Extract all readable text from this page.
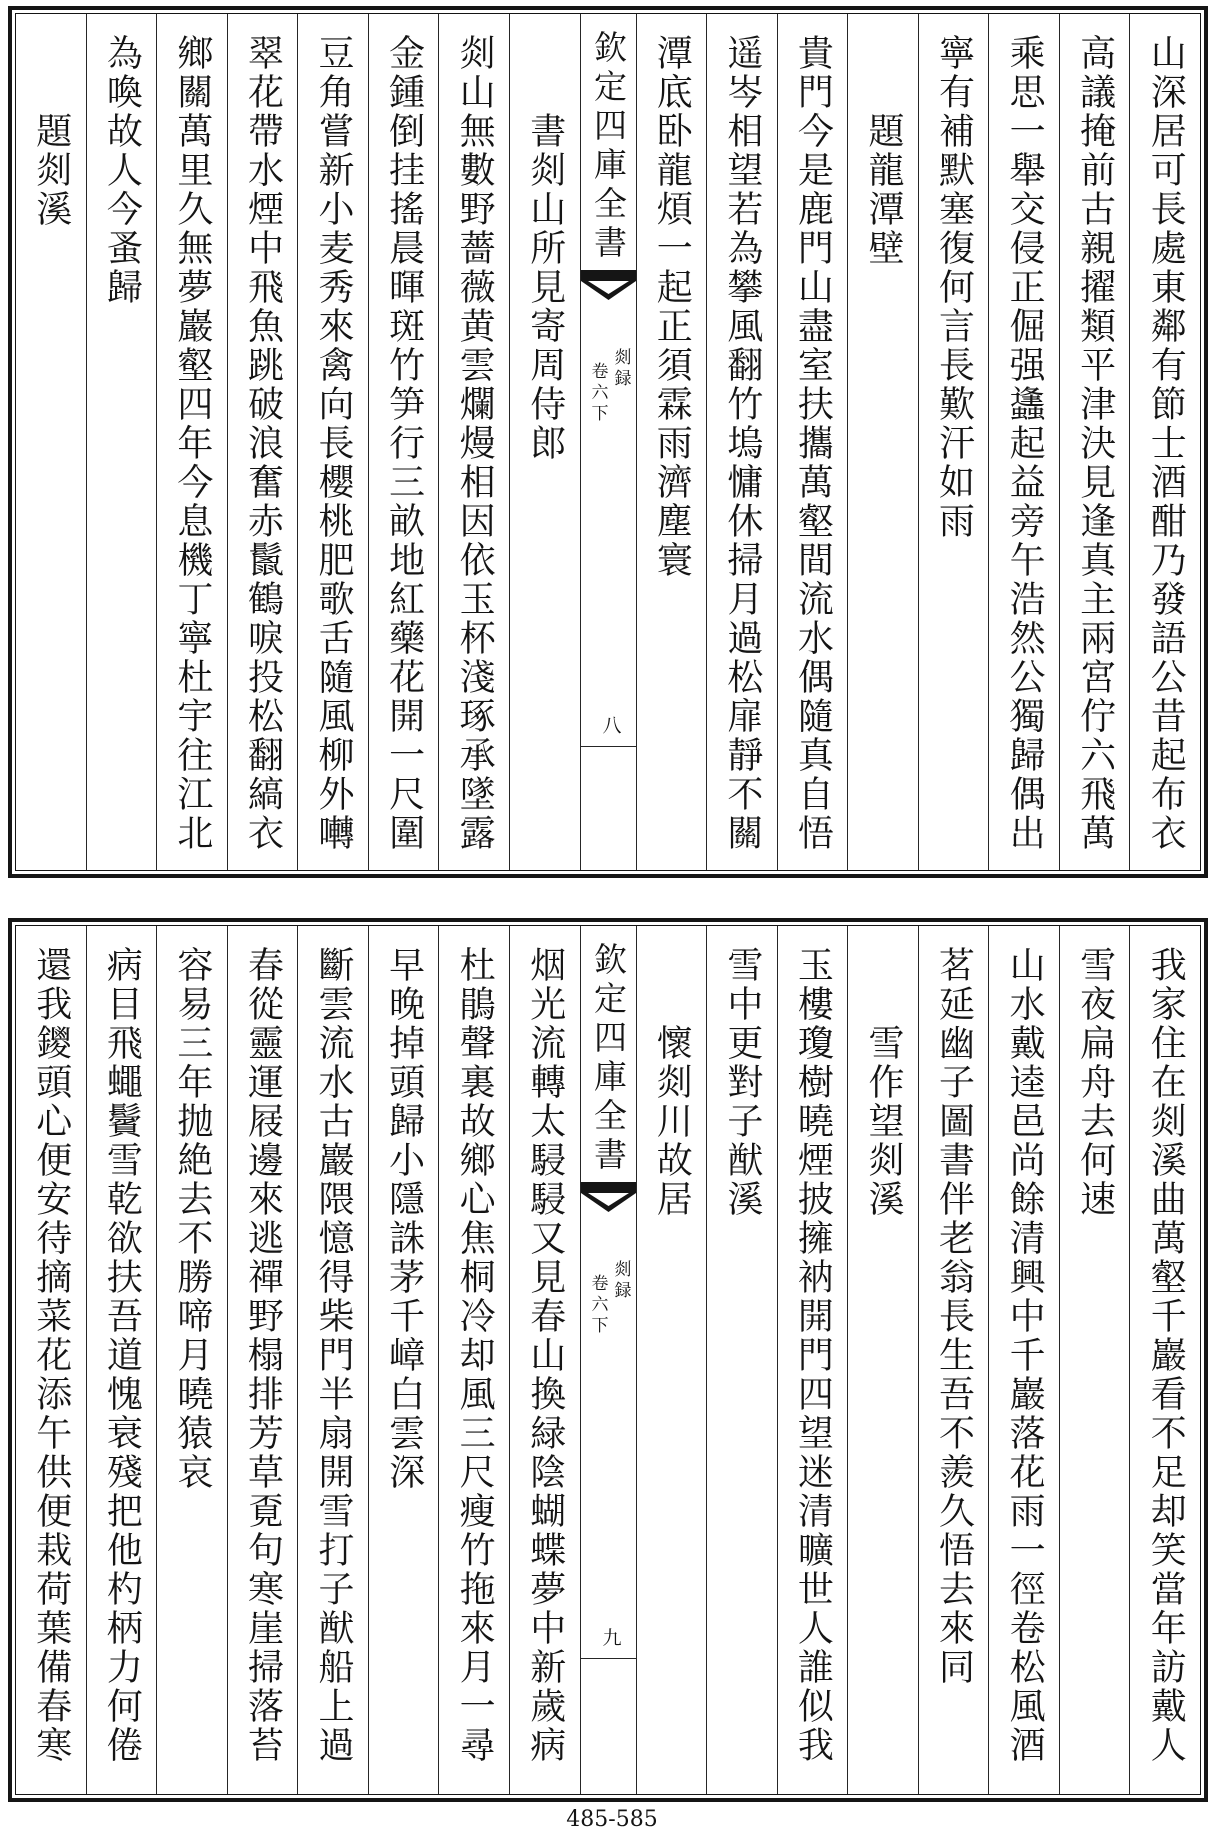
山深居可長處東鄰有節士酒酣乃發語公昔起布衣
高議掩前古親擢類平津決見逢真主兩宮佇六飛萬
乘思一舉交侵正倔强蠭起益旁午浩然公獨歸偶出
寧有補默塞復何言長歎汗如雨
題龍潭壁
貴門今是鹿門山盡室扶攜萬壑間流水偶隨真自悟
遥岑相望若為攀風翻竹塢慵休掃月過松扉靜不關
潭底卧龍煩一起正須霖雨濟塵寰
欽定四庫全書
剡録
卷六下
八
書剡山所見寄周侍郎
剡山無數野薔薇黄雲爛熳相因依玉杯淺琢承墜露
金鍾倒挂搖晨暉斑竹笋行三畝地紅藥花開一尺圍
豆角嘗新小麦秀來禽向長櫻桃肥歌舌隨風柳外囀
翠花帶水煙中飛魚跳破浪奮赤鬛鶴唳投松翻縞衣
鄉關萬里久無夢巖壑四年今息機丁寧杜宇往江北
為喚故人今蚤歸
題剡溪
我家住在剡溪曲萬壑千巖看不足却笑當年訪戴人
雪夜扁舟去何速
山水戴逵邑尚餘清興中千巖落花雨一徑卷松風酒
茗延幽子圖書伴老翁長生吾不羨久悟去來同
雪作望剡溪
玉樓瓊樹曉煙披擁衲開門四望迷清曠世人誰似我
雪中更對子猷溪
懷剡川故居
欽定四庫全書
剡録
卷六下
九
烟光流轉太駸駸又見春山換緑陰蝴蝶夢中新歲病
杜鵑聲裏故鄉心焦桐冷却風三尺瘦竹拖來月一尋
早晚掉頭歸小隱誅茅千嶂白雲深
斷雲流水古巖隈憶得柴門半扇開雪打子猷船上過
春從靈運屐邊來逃禪野榻排芳草覔句寒崖掃落苔
容易三年抛絶去不勝啼月曉猿哀
病目飛蠅鬢雪乾欲扶吾道愧衰殘把他杓柄力何倦
還我鑁頭心便安待摘菜花添午供便栽荷葉備春寒
485-585
